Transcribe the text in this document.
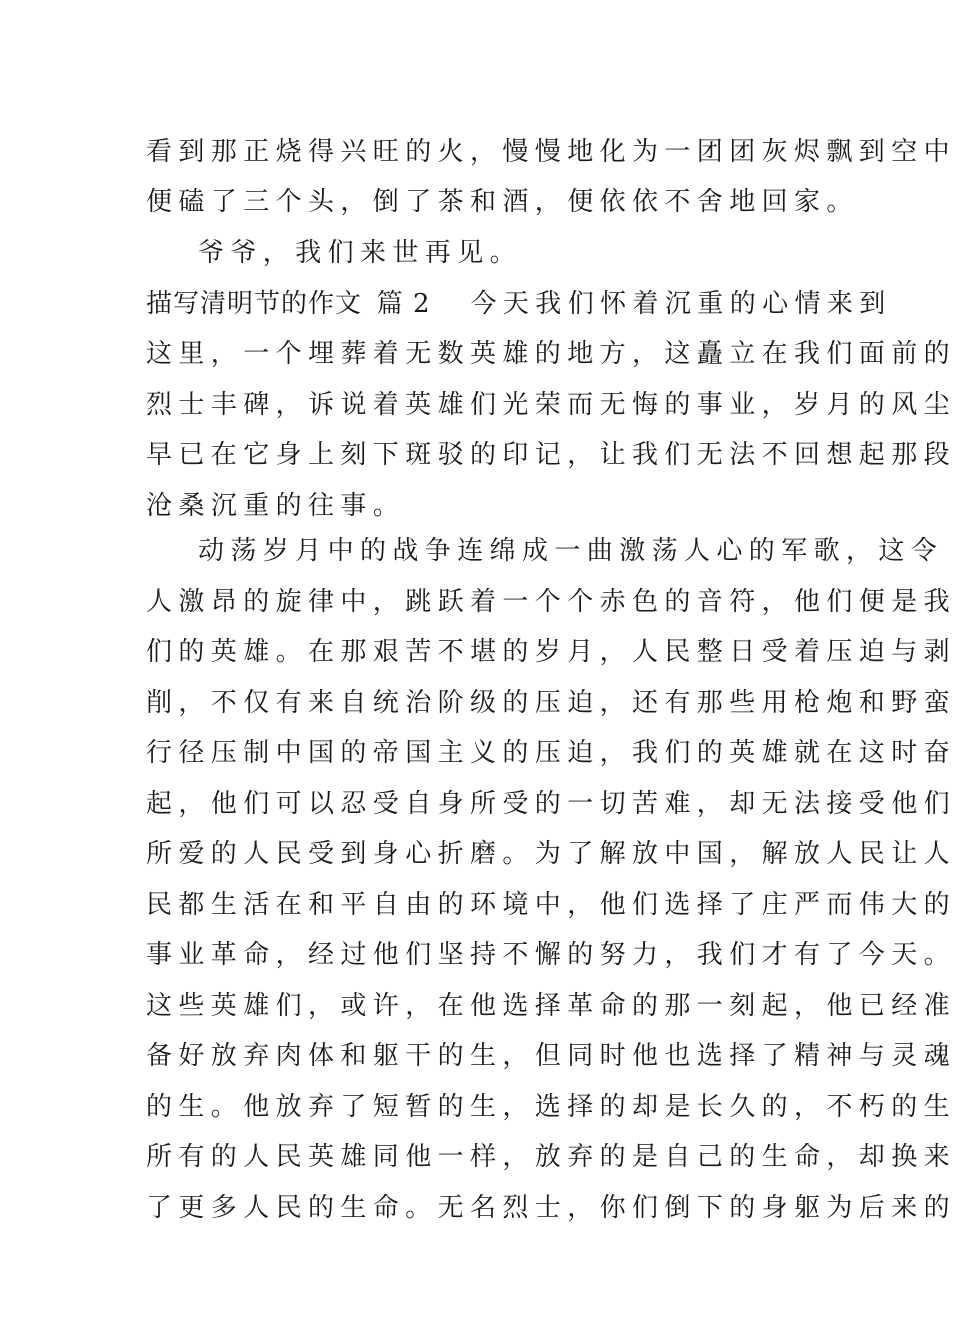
看到那正烧得兴旺的火，慢慢地化为一团团灰烬飘到空中
便磕了三个头，倒了茶和酒，便依依不舍地回家。
爷爷，我们来世再见。
描写清明节的作文 篇 2 今天我们怀着沉重的心情来到
这里，一个埋葬着无数英雄的地方，这矗立在我们面前的
烈士丰碑，诉说着英雄们光荣而无悔的事业，岁月的风尘
早已在它身上刻下斑驳的印记，让我们无法不回想起那段
沧桑沉重的往事。
动荡岁月中的战争连绵成一曲激荡人心的军歌，这令
人激昂的旋律中，跳跃着一个个赤色的音符，他们便是我
们的英雄。在那艰苦不堪的岁月，人民整日受着压迫与剥
削，不仅有来自统治阶级的压迫，还有那些用枪炮和野蛮
行径压制中国的帝国主义的压迫，我们的英雄就在这时奋
起，他们可以忍受自身所受的一切苦难，却无法接受他们
所爱的人民受到身心折磨。为了解放中国，解放人民让人
民都生活在和平自由的环境中，他们选择了庄严而伟大的
事业革命，经过他们坚持不懈的努力，我们才有了今天。
这些英雄们，或许，在他选择革命的那一刻起，他已经准
备好放弃肉体和躯干的生，但同时他也选择了精神与灵魂
的生。他放弃了短暂的生，选择的却是长久的，不朽的生
所有的人民英雄同他一样，放弃的是自己的生命，却换来
了更多人民的生命。无名烈士，你们倒下的身躯为后来的
